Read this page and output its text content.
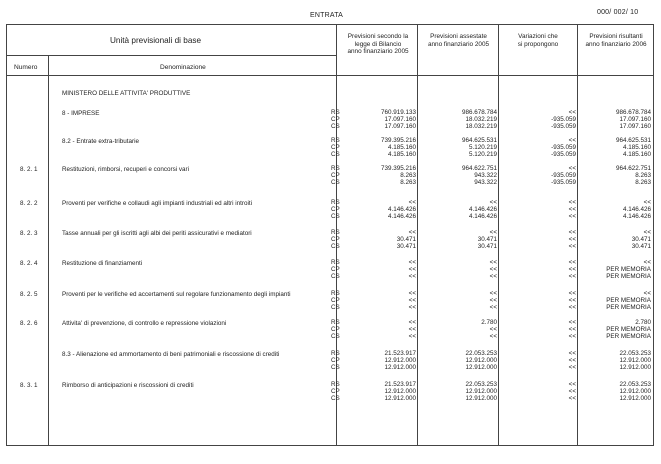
ENTRATA	000/ 002/ 10
Unità previsionali di base
Numero	Denominazione
Previsioni secondo la
legge di Bilancio
anno finanziario 2005
Previsioni assestate
anno finanziario 2005
Variazioni che
si propongono
Previsioni risultanti
anno finanziario 2006
MINISTERO DELLE ATTIVITA' PRODUTTIVE
8 - IMPRESE	RS	760.919.133	986.678.784	<<	986.678.784
CP	17.097.160	18.032.219	-935.059	17.097.160
CS	17.097.160	18.032.219	-935.059	17.097.160
8.2 - Entrate extra-tributarie	RS	739.395.216	964.625.531	<<	964.625.531
CP	4.185.160	5.120.219	-935.059	4.185.160
CS	4.185.160	5.120.219	-935.059	4.185.160
Restituzioni, rimborsi, recuperi e concorsi vari
8. 2. 1	RS	739.395.216	964.622.751	<<	964.622.751
CP	8.263	943.322	-935.059	8.263
CS	8.263	943.322	-935.059	8.263
Proventi per verifiche e collaudi agli impianti industriali ed altri introiti
8. 2. 2	RS	<<	<<	<<	<<
CP	4.146.426	4.146.426	<<	4.146.426
CS	4.146.426	4.146.426	<<	4.146.426
Tasse annuali per gli iscritti agli albi dei periti assicurativi e mediatori
8. 2. 3	RS	<<	<<	<<	<<
CP	30.471	30.471	<<	30.471
CS	30.471	30.471	<<	30.471
Restituzione di finanziamenti
8. 2. 4	RS	<<	<<	<<	<<
CP	<<	<<	<<	PER MEMORIA
CS	<<	<<	<<	PER MEMORIA
Proventi per le verifiche ed accertamenti sul regolare funzionamento degli impianti
8. 2. 5	RS	<<	<<	<<	<<
CP	<<	<<	<<	PER MEMORIA
CS	<<	<<	<<	PER MEMORIA
Attivita' di prevenzione, di controllo e repressione violazioni
8. 2. 6	RS	<<	2.780	<<	2.780
CP	<<	<<	<<	PER MEMORIA
CS	<<	<<	<<	PER MEMORIA
8.3 - Alienazione ed ammortamento di beni patrimoniali e riscossione di crediti	RS	21.523.917	22.053.253	<<	22.053.253
CP	12.912.000	12.912.000	<<	12.912.000
CS	12.912.000	12.912.000	<<	12.912.000
Rimborso di anticipazioni e riscossioni di crediti
8. 3. 1	RS	21.523.917	22.053.253	<<	22.053.253
CP	12.912.000	12.912.000	<<	12.912.000
CS	12.912.000	12.912.000	<<	12.912.000
